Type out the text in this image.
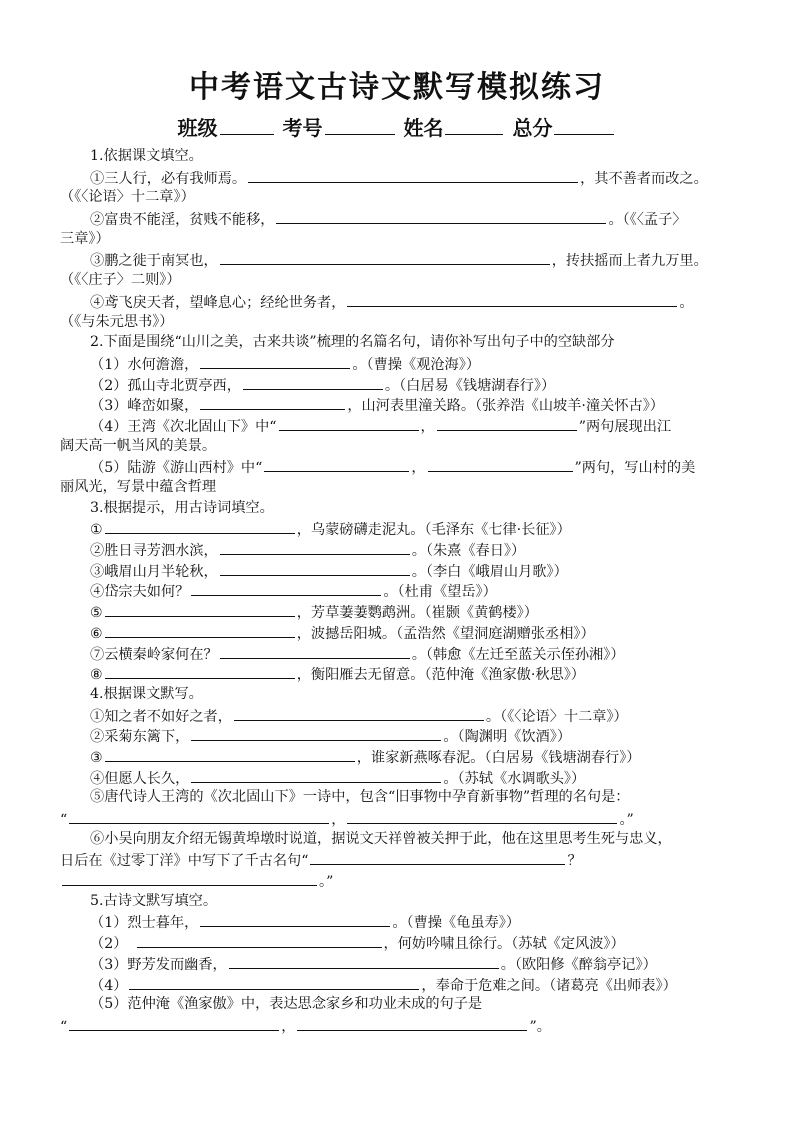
中考语文古诗文默写模拟练习
班级	考号	姓名	总分
1.依据课文填空。
①三人行，必有我师焉。	，其不善者而改之。
（《〈论语〉十二章》）
②富贵不能淫，贫贱不能移，	。（《〈孟子〉
三章》）
③鹏之徙于南冥也，	，抟扶摇而上者九万里。
（《〈庄子〉二则》）
④鸢飞戾天者，望峰息心；经纶世务者，	。
（《与朱元思书》）
2.下面是围绕“山川之美，古来共谈”梳理的名篇名句，请你补写出句子中的空缺部分
（1）水何澹澹，	。（曹操《观沧海》）
（2）孤山寺北贾亭西，	。（白居易《钱塘湖春行》）
（3）峰峦如聚，	，山河表里潼关路。（张养浩《山坡羊·潼关怀古》）
（4）王湾《次北固山下》中“	，	”两句展现出江
阔天高一帆当风的美景。
（5）陆游《游山西村》中“	，	”两句，写山村的美
丽风光，写景中蕴含哲理
3.根据提示，用古诗词填空。
①	，乌蒙磅礴走泥丸。（毛泽东《七律·长征》）
②胜日寻芳泗水滨，	。（朱熹《春日》）
③峨眉山月半轮秋，	。（李白《峨眉山月歌》）
④岱宗夫如何？	。（杜甫《望岳》）
⑤	，芳草萋萋鹦鹉洲。（崔颢《黄鹤楼》）
⑥	，波撼岳阳城。（孟浩然《望洞庭湖赠张丞相》）
⑦云横秦岭家何在？	。（韩愈《左迁至蓝关示侄孙湘》）
⑧	，衡阳雁去无留意。（范仲淹《渔家傲·秋思》）
4.根据课文默写。
①知之者不如好之者，	。（《〈论语〉十二章》）
②采菊东篱下，	。（陶渊明《饮酒》）
③	，谁家新燕啄春泥。（白居易《钱塘湖春行》）
④但愿人长久，	。（苏轼《水调歌头》）
⑤唐代诗人王湾的《次北固山下》一诗中，包含“旧事物中孕育新事物”哲理的名句是：
“	，	。”
⑥小吴向朋友介绍无锡黄埠墩时说道，据说文天祥曾被关押于此，他在这里思考生死与忠义，
日后在《过零丁洋》中写下了千古名句“	？
。”
5.古诗文默写填空。
（1）烈士暮年，	。（曹操《龟虽寿》）
（2）　	，何妨吟啸且徐行。（苏轼《定风波》）
（3）野芳发而幽香，	。（欧阳修《醉翁亭记》）
（4）	，奉命于危难之间。（诸葛亮《出师表》）
（5）范仲淹《渔家傲》中，表达思念家乡和功业未成的句子是
“	，	”。
